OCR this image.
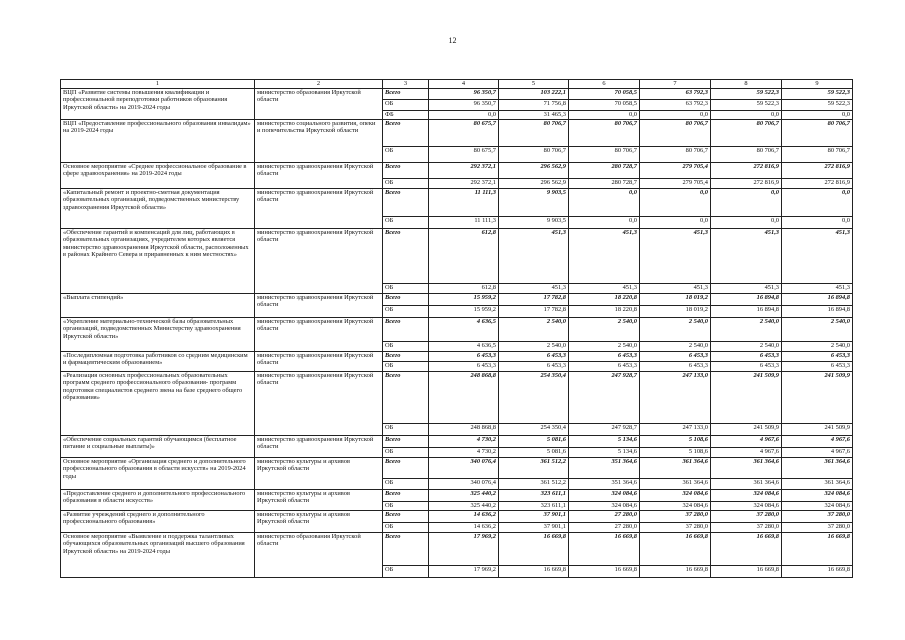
12
1	2	3	4	5	6	7	8	9
ВЦП «Развитие системы повышения квалификации и профессиональной переподготовки работников образования Иркутской области» на 2019-2024 годы	министерство образования Иркутской области	Всего	96 350,7	103 222,1	70 058,5	63 792,3	59 522,3	59 522,3
		ОБ	96 350,7	71 756,8	70 058,5	63 792,3	59 522,3	59 522,3
		ФБ	0,0	31 465,3	0,0	0,0	0,0	0,0
ВЦП «Предоставление профессионального образования инвалидам» на 2019-2024 годы	министерство социального развития, опеки и попечительства Иркутской области	Всего	80 675,7	80 706,7	80 706,7	80 706,7	80 706,7	80 706,7
		ОБ	80 675,7	80 706,7	80 706,7	80 706,7	80 706,7	80 706,7
Основное мероприятие «Среднее профессиональное образование в сфере здравоохранения» на 2019-2024 годы	министерство здравоохранения Иркутской области	Всего	292 372,1	296 562,9	280 728,7	279 705,4	272 816,9	272 816,9
		ОБ	292 372,1	296 562,9	280 728,7	279 705,4	272 816,9	272 816,9
«Капитальный ремонт и проектно-сметная документация образовательных организаций, подведомственных министерству здравоохранения Иркутской области»	министерство здравоохранения Иркутской области	Всего	11 111,3	9 903,5	0,0	0,0	0,0	0,0
		ОБ	11 111,3	9 903,5	0,0	0,0	0,0	0,0
«Обеспечение гарантий и компенсаций для лиц, работающих в образовательных организациях, учредителем которых является министерство здравоохранения Иркутской области, расположенных в районах Крайнего Севера и приравненных к ним местностях»	министерство здравоохранения Иркутской области	Всего	612,8	451,3	451,3	451,3	451,3	451,3
		ОБ	612,8	451,3	451,3	451,3	451,3	451,3
«Выплата стипендий»	министерство здравоохранения Иркутской области	Всего	15 959,2	17 782,8	18 220,8	18 019,2	16 894,8	16 894,8
		ОБ	15 959,2	17 782,8	18 220,8	18 019,2	16 894,8	16 894,8
«Укрепление материально-технической базы образовательных организаций, подведомственных Министерству здравоохранения Иркутской области»	министерство здравоохранения Иркутской области	Всего	4 636,5	2 540,0	2 540,0	2 540,0	2 540,0	2 540,0
		ОБ	4 636,5	2 540,0	2 540,0	2 540,0	2 540,0	2 540,0
«Последипломная подготовка работников со средним медицинским и фармацевтическим образованием»	министерство здравоохранения Иркутской области	Всего	6 453,3	6 453,3	6 453,3	6 453,3	6 453,3	6 453,3
		ОБ	6 453,3	6 453,3	6 453,3	6 453,3	6 453,3	6 453,3
«Реализация основных профессиональных образовательных программ среднего профессионального образования- программ подготовки специалистов среднего звена на базе среднего общего образования»	министерство здравоохранения Иркутской области	Всего	248 868,8	254 350,4	247 928,7	247 133,0	241 509,9	241 509,9
		ОБ	248 868,8	254 350,4	247 928,7	247 133,0	241 509,9	241 509,9
«Обеспечение социальных гарантий обучающимся (бесплатное питание и социальные выплаты)»	министерство здравоохранения Иркутской области	Всего	4 730,2	5 081,6	5 134,6	5 108,6	4 967,6	4 967,6
		ОБ	4 730,2	5 081,6	5 134,6	5 108,6	4 967,6	4 967,6
Основное мероприятие «Организация среднего и дополнительного профессионального образования в области искусств» на 2019-2024 годы	министерство культуры и архивов Иркутской области	Всего	340 076,4	361 512,2	351 364,6	361 364,6	361 364,6	361 364,6
		ОБ	340 076,4	361 512,2	351 364,6	361 364,6	361 364,6	361 364,6
«Предоставление среднего и дополнительного профессионального образования в области искусств»	министерство культуры и архивов Иркутской области	Всего	325 440,2	323 611,1	324 084,6	324 084,6	324 084,6	324 084,6
		ОБ	325 440,2	323 611,1	324 084,6	324 084,6	324 084,6	324 084,6
«Развитие учреждений среднего и дополнительного профессионального образования»	министерство культуры и архивов Иркутской области	Всего	14 636,2	37 901,1	27 280,0	37 280,0	37 280,0	37 280,0
		ОБ	14 636,2	37 901,1	27 280,0	37 280,0	37 280,0	37 280,0
Основное мероприятие «Выявление и поддержка талантливых обучающихся образовательных организаций высшего образования Иркутской области» на 2019-2024 годы	министерство образования Иркутской области	Всего	17 969,2	16 669,8	16 669,8	16 669,8	16 669,8	16 669,8
		ОБ	17 969,2	16 669,8	16 669,8	16 669,8	16 669,8	16 669,8
